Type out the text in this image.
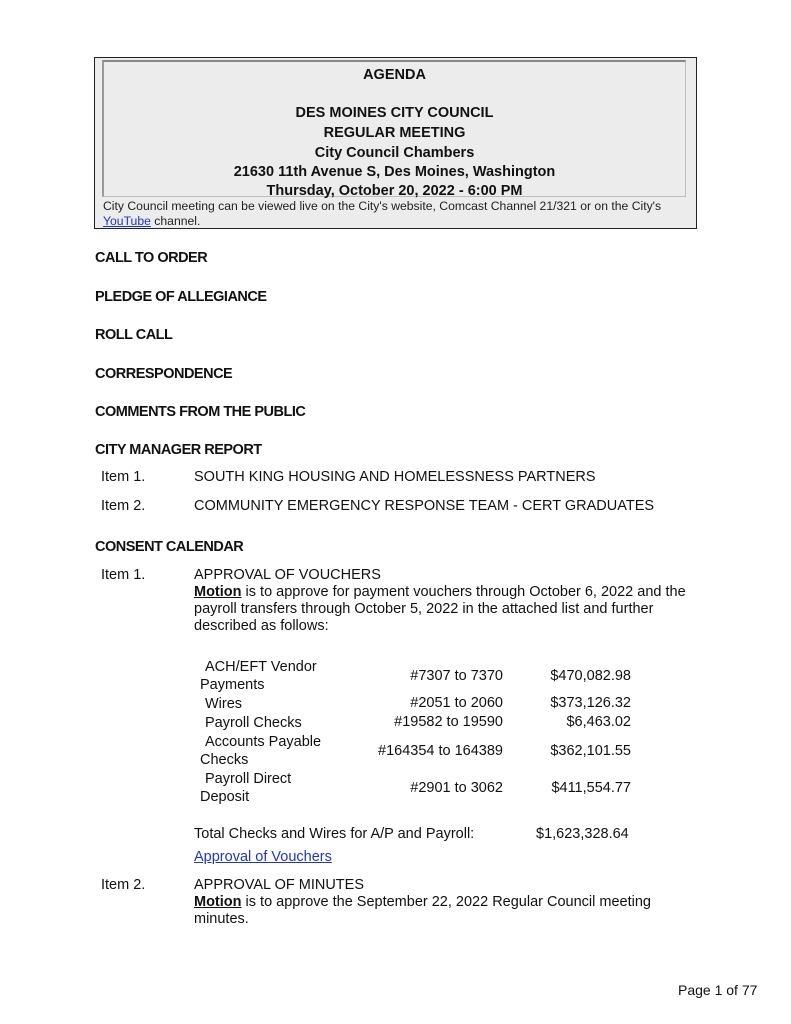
AGENDA
DES MOINES CITY COUNCIL
REGULAR MEETING
City Council Chambers
21630 11th Avenue S, Des Moines, Washington
Thursday, October 20, 2022 - 6:00 PM
City Council meeting can be viewed live on the City's website, Comcast Channel 21/321 or on the City's YouTube channel.
CALL TO ORDER
PLEDGE OF ALLEGIANCE
ROLL CALL
CORRESPONDENCE
COMMENTS FROM THE PUBLIC
CITY MANAGER REPORT
Item 1.	SOUTH KING HOUSING AND HOMELESSNESS PARTNERS
Item 2.	COMMUNITY EMERGENCY RESPONSE TEAM - CERT GRADUATES
CONSENT CALENDAR
Item 1.	APPROVAL OF VOUCHERS
Motion is to approve for payment vouchers through October 6, 2022 and the payroll transfers through October 5, 2022 in the attached list and further described as follows:
ACH/EFT Vendor
Payments
#7307 to 7370	$470,082.98
Wires	#2051 to 2060	$373,126.32
Payroll Checks	#19582 to 19590	$6,463.02
Accounts Payable
Checks
#164354 to 164389	$362,101.55
Payroll Direct
Deposit
#2901 to 3062	$411,554.77
Total Checks and Wires for A/P and Payroll:	$1,623,328.64
Approval of Vouchers
Item 2.	APPROVAL OF MINUTES
Motion is to approve the September 22, 2022 Regular Council meeting minutes.
Page 1 of 77
